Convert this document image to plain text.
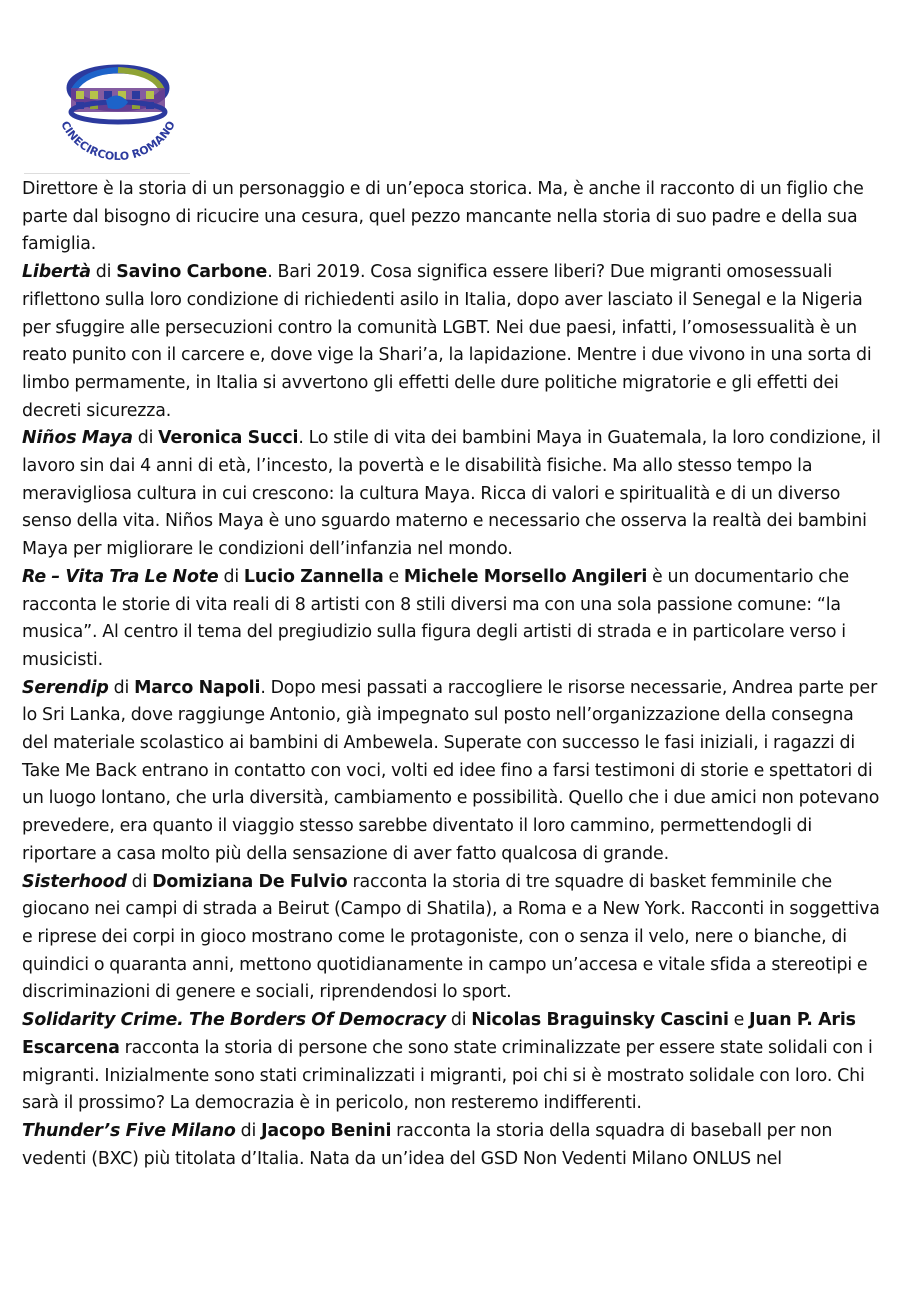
CINECIRCOLO ROMANO

Direttore è la storia di un personaggio e di un’epoca storica. Ma, è anche il racconto di un figlio che parte dal bisogno di ricucire una cesura, quel pezzo mancante nella storia di suo padre e della sua famiglia.

Libertà di Savino Carbone. Bari 2019. Cosa significa essere liberi? Due migranti omosessuali riflettono sulla loro condizione di richiedenti asilo in Italia, dopo aver lasciato il Senegal e la Nigeria per sfuggire alle persecuzioni contro la comunità LGBT. Nei due paesi, infatti, l’omosessualità è un reato punito con il carcere e, dove vige la Shari’a, la lapidazione. Mentre i due vivono in una sorta di limbo permamente, in Italia si avvertono gli effetti delle dure politiche migratorie e gli effetti dei decreti sicurezza.

Niños Maya di Veronica Succi. Lo stile di vita dei bambini Maya in Guatemala, la loro condizione, il lavoro sin dai 4 anni di età, l’incesto, la povertà e le disabilità fisiche. Ma allo stesso tempo la meravigliosa cultura in cui crescono: la cultura Maya. Ricca di valori e spiritualità e di un diverso senso della vita. Niños Maya è uno sguardo materno e necessario che osserva la realtà dei bambini Maya per migliorare le condizioni dell’infanzia nel mondo.

Re – Vita Tra Le Note di Lucio Zannella e Michele Morsello Angileri è un documentario che racconta le storie di vita reali di 8 artisti con 8 stili diversi ma con una sola passione comune: “la musica”. Al centro il tema del pregiudizio sulla figura degli artisti di strada e in particolare verso i musicisti.

Serendip di Marco Napoli. Dopo mesi passati a raccogliere le risorse necessarie, Andrea parte per lo Sri Lanka, dove raggiunge Antonio, già impegnato sul posto nell’organizzazione della consegna del materiale scolastico ai bambini di Ambewela. Superate con successo le fasi iniziali, i ragazzi di Take Me Back entrano in contatto con voci, volti ed idee fino a farsi testimoni di storie e spettatori di un luogo lontano, che urla diversità, cambiamento e possibilità. Quello che i due amici non potevano prevedere, era quanto il viaggio stesso sarebbe diventato il loro cammino, permettendogli di riportare a casa molto più della sensazione di aver fatto qualcosa di grande.

Sisterhood di Domiziana De Fulvio racconta la storia di tre squadre di basket femminile che giocano nei campi di strada a Beirut (Campo di Shatila), a Roma e a New York. Racconti in soggettiva e riprese dei corpi in gioco mostrano come le protagoniste, con o senza il velo, nere o bianche, di quindici o quaranta anni, mettono quotidianamente in campo un’accesa e vitale sfida a stereotipi e discriminazioni di genere e sociali, riprendendosi lo sport.

Solidarity Crime. The Borders Of Democracy di Nicolas Braguinsky Cascini e Juan P. Aris Escarcena racconta la storia di persone che sono state criminalizzate per essere state solidali con i migranti. Inizialmente sono stati criminalizzati i migranti, poi chi si è mostrato solidale con loro. Chi sarà il prossimo? La democrazia è in pericolo, non resteremo indifferenti.

Thunder’s Five Milano di Jacopo Benini racconta la storia della squadra di baseball per non vedenti (BXC) più titolata d’Italia. Nata da un’idea del GSD Non Vedenti Milano ONLUS nel
